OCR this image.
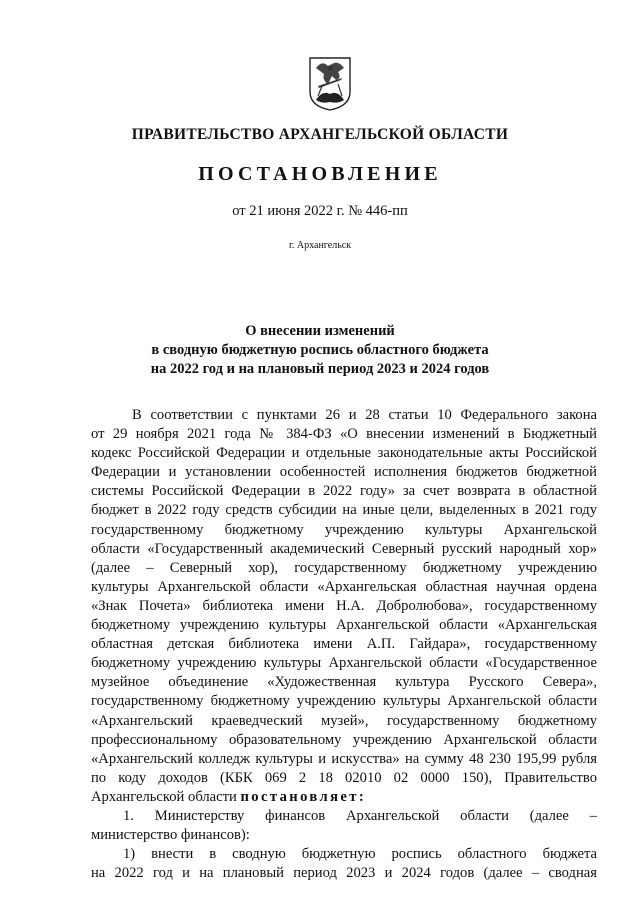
ПРАВИТЕЛЬСТВО АРХАНГЕЛЬСКОЙ ОБЛАСТИ
ПОСТАНОВЛЕНИЕ
от 21 июня 2022 г. № 446-пп
г. Архангельск
О внесении изменений
в сводную бюджетную роспись областного бюджета
на 2022 год и на плановый период 2023 и 2024 годов
В соответствии с пунктами 26 и 28 статьи 10 Федерального закона
от 29 ноября 2021 года № 384-ФЗ «О внесении изменений в Бюджетный
кодекс Российской Федерации и отдельные законодательные акты Российской
Федерации и установлении особенностей исполнения бюджетов бюджетной
системы Российской Федерации в 2022 году» за счет возврата в областной
бюджет в 2022 году средств субсидии на иные цели, выделенных в 2021 году
государственному бюджетному учреждению культуры Архангельской
области «Государственный академический Северный русский народный хор»
(далее – Северный хор), государственному бюджетному учреждению
культуры Архангельской области «Архангельская областная научная ордена
«Знак Почета» библиотека имени Н.А. Добролюбова», государственному
бюджетному учреждению культуры Архангельской области «Архангельская
областная детская библиотека имени А.П. Гайдара», государственному
бюджетному учреждению культуры Архангельской области «Государственное
музейное объединение «Художественная культура Русского Севера»,
государственному бюджетному учреждению культуры Архангельской области
«Архангельский краеведческий музей», государственному бюджетному
профессиональному образовательному учреждению Архангельской области
«Архангельский колледж культуры и искусства» на сумму 48 230 195,99 рубля
по коду доходов (КБК 069 2 18 02010 02 0000 150), Правительство
Архангельской области постановляет:
1. Министерству финансов Архангельской области (далее –
министерство финансов):
1) внести в сводную бюджетную роспись областного бюджета
на 2022 год и на плановый период 2023 и 2024 годов (далее – сводная
